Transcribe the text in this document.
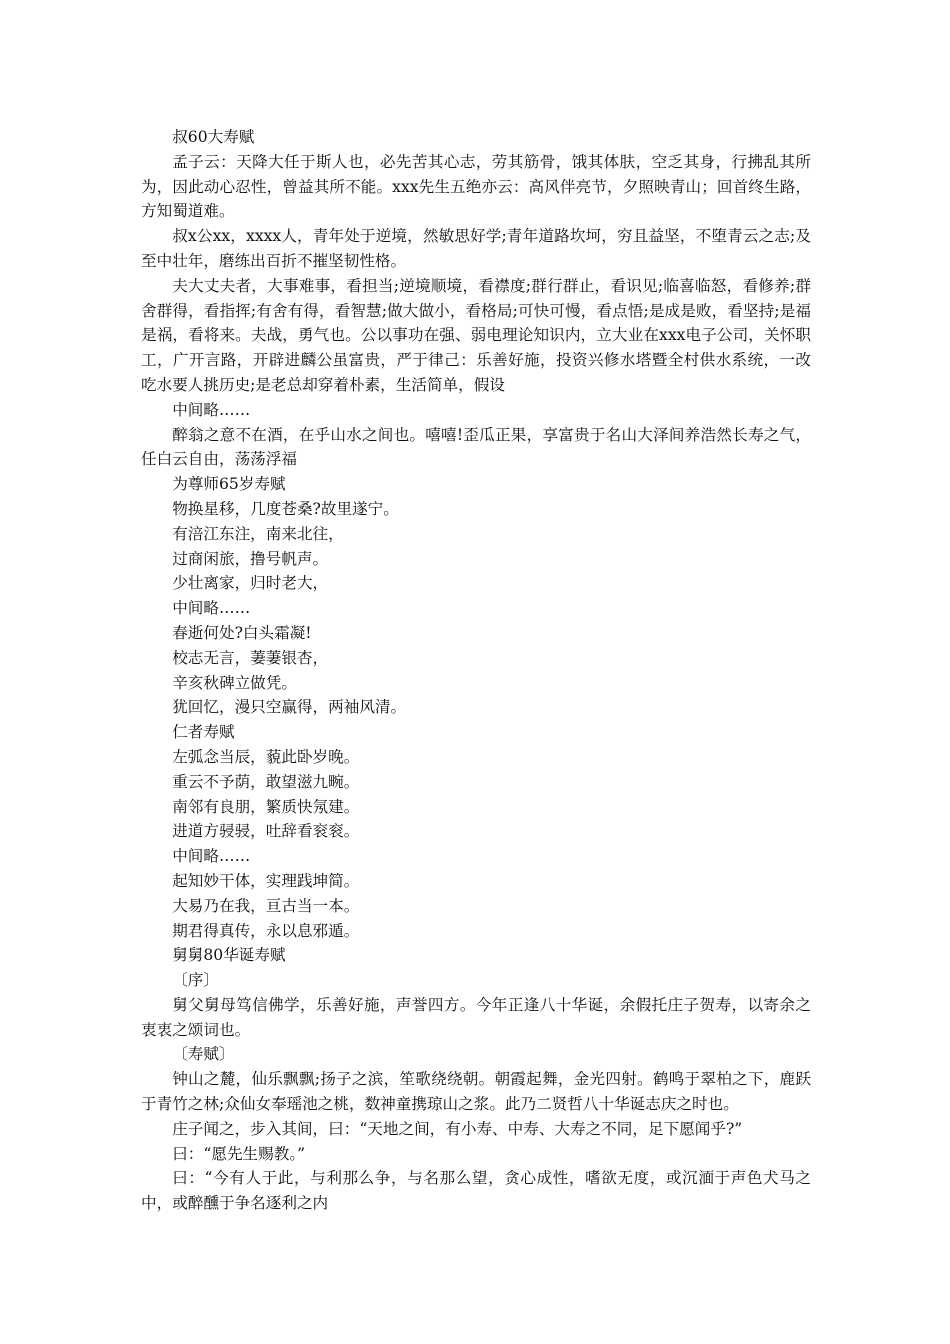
叔60大寿赋

孟子云：天降大任于斯人也，必先苦其心志，劳其筋骨，饿其体肤，空乏其身，行拂乱其所为，因此动心忍性，曾益其所不能。xxx先生五绝亦云：高风伴亮节，夕照映青山；回首终生路，方知蜀道难。

叔x公xx，xxxx人，青年处于逆境，然敏思好学;青年道路坎坷，穷且益坚，不堕青云之志;及至中壮年，磨练出百折不摧坚韧性格。

夫大丈夫者，大事难事，看担当;逆境顺境，看襟度;群行群止，看识见;临喜临怒，看修养;群舍群得，看指挥;有舍有得，看智慧;做大做小，看格局;可快可慢，看点悟;是成是败，看坚持;是福是祸，看将来。夫战，勇气也。公以事功在强、弱电理论知识内，立大业在xxx电子公司，关怀职工，广开言路，开辟进麟公虽富贵，严于律己：乐善好施，投资兴修水塔暨全村供水系统，一改吃水要人挑历史;是老总却穿着朴素，生活简单，假设

中间略……

醉翁之意不在酒，在乎山水之间也。嘻嘻!歪瓜正果，享富贵于名山大泽间养浩然长寿之气，任白云自由，荡荡浮福

为尊师65岁寿赋

物换星移，几度苍桑?故里遂宁。

有涪江东注，南来北往，

过商闲旅，撸号帆声。

少壮离家，归时老大，

中间略……

春逝何处?白头霜凝!

校志无言，萋萋银杏，

辛亥秋碑立做凭。

犹回忆，漫只空赢得，两袖风清。

仁者寿赋

左弧念当辰，藐此卧岁晚。

重云不予荫，敢望滋九畹。

南邻有良朋，繁质快氖建。

进道方骎骎，吐辞看衮衮。

中间略……

起知妙干体，实理践坤简。

大易乃在我，亘古当一本。

期君得真传，永以息邪遁。

舅舅80华诞寿赋

〔序〕

舅父舅母笃信佛学，乐善好施，声誉四方。今年正逢八十华诞，余假托庄子贺寿，以寄余之衷衷之颂词也。

〔寿赋〕

钟山之麓，仙乐飘飘;扬子之滨，笙歌绕绕朝。朝霞起舞，金光四射。鹤鸣于翠柏之下，鹿跃于青竹之林;众仙女奉瑶池之桃，数神童携琼山之浆。此乃二贤哲八十华诞志庆之时也。

庄子闻之，步入其间，曰：“天地之间，有小寿、中寿、大寿之不同，足下愿闻乎?”

曰：“愿先生赐教。”

曰：“今有人于此，与利那么争，与名那么望，贪心成性，嗜欲无度，或沉湎于声色犬马之中，或醉醺于争名逐利之内
